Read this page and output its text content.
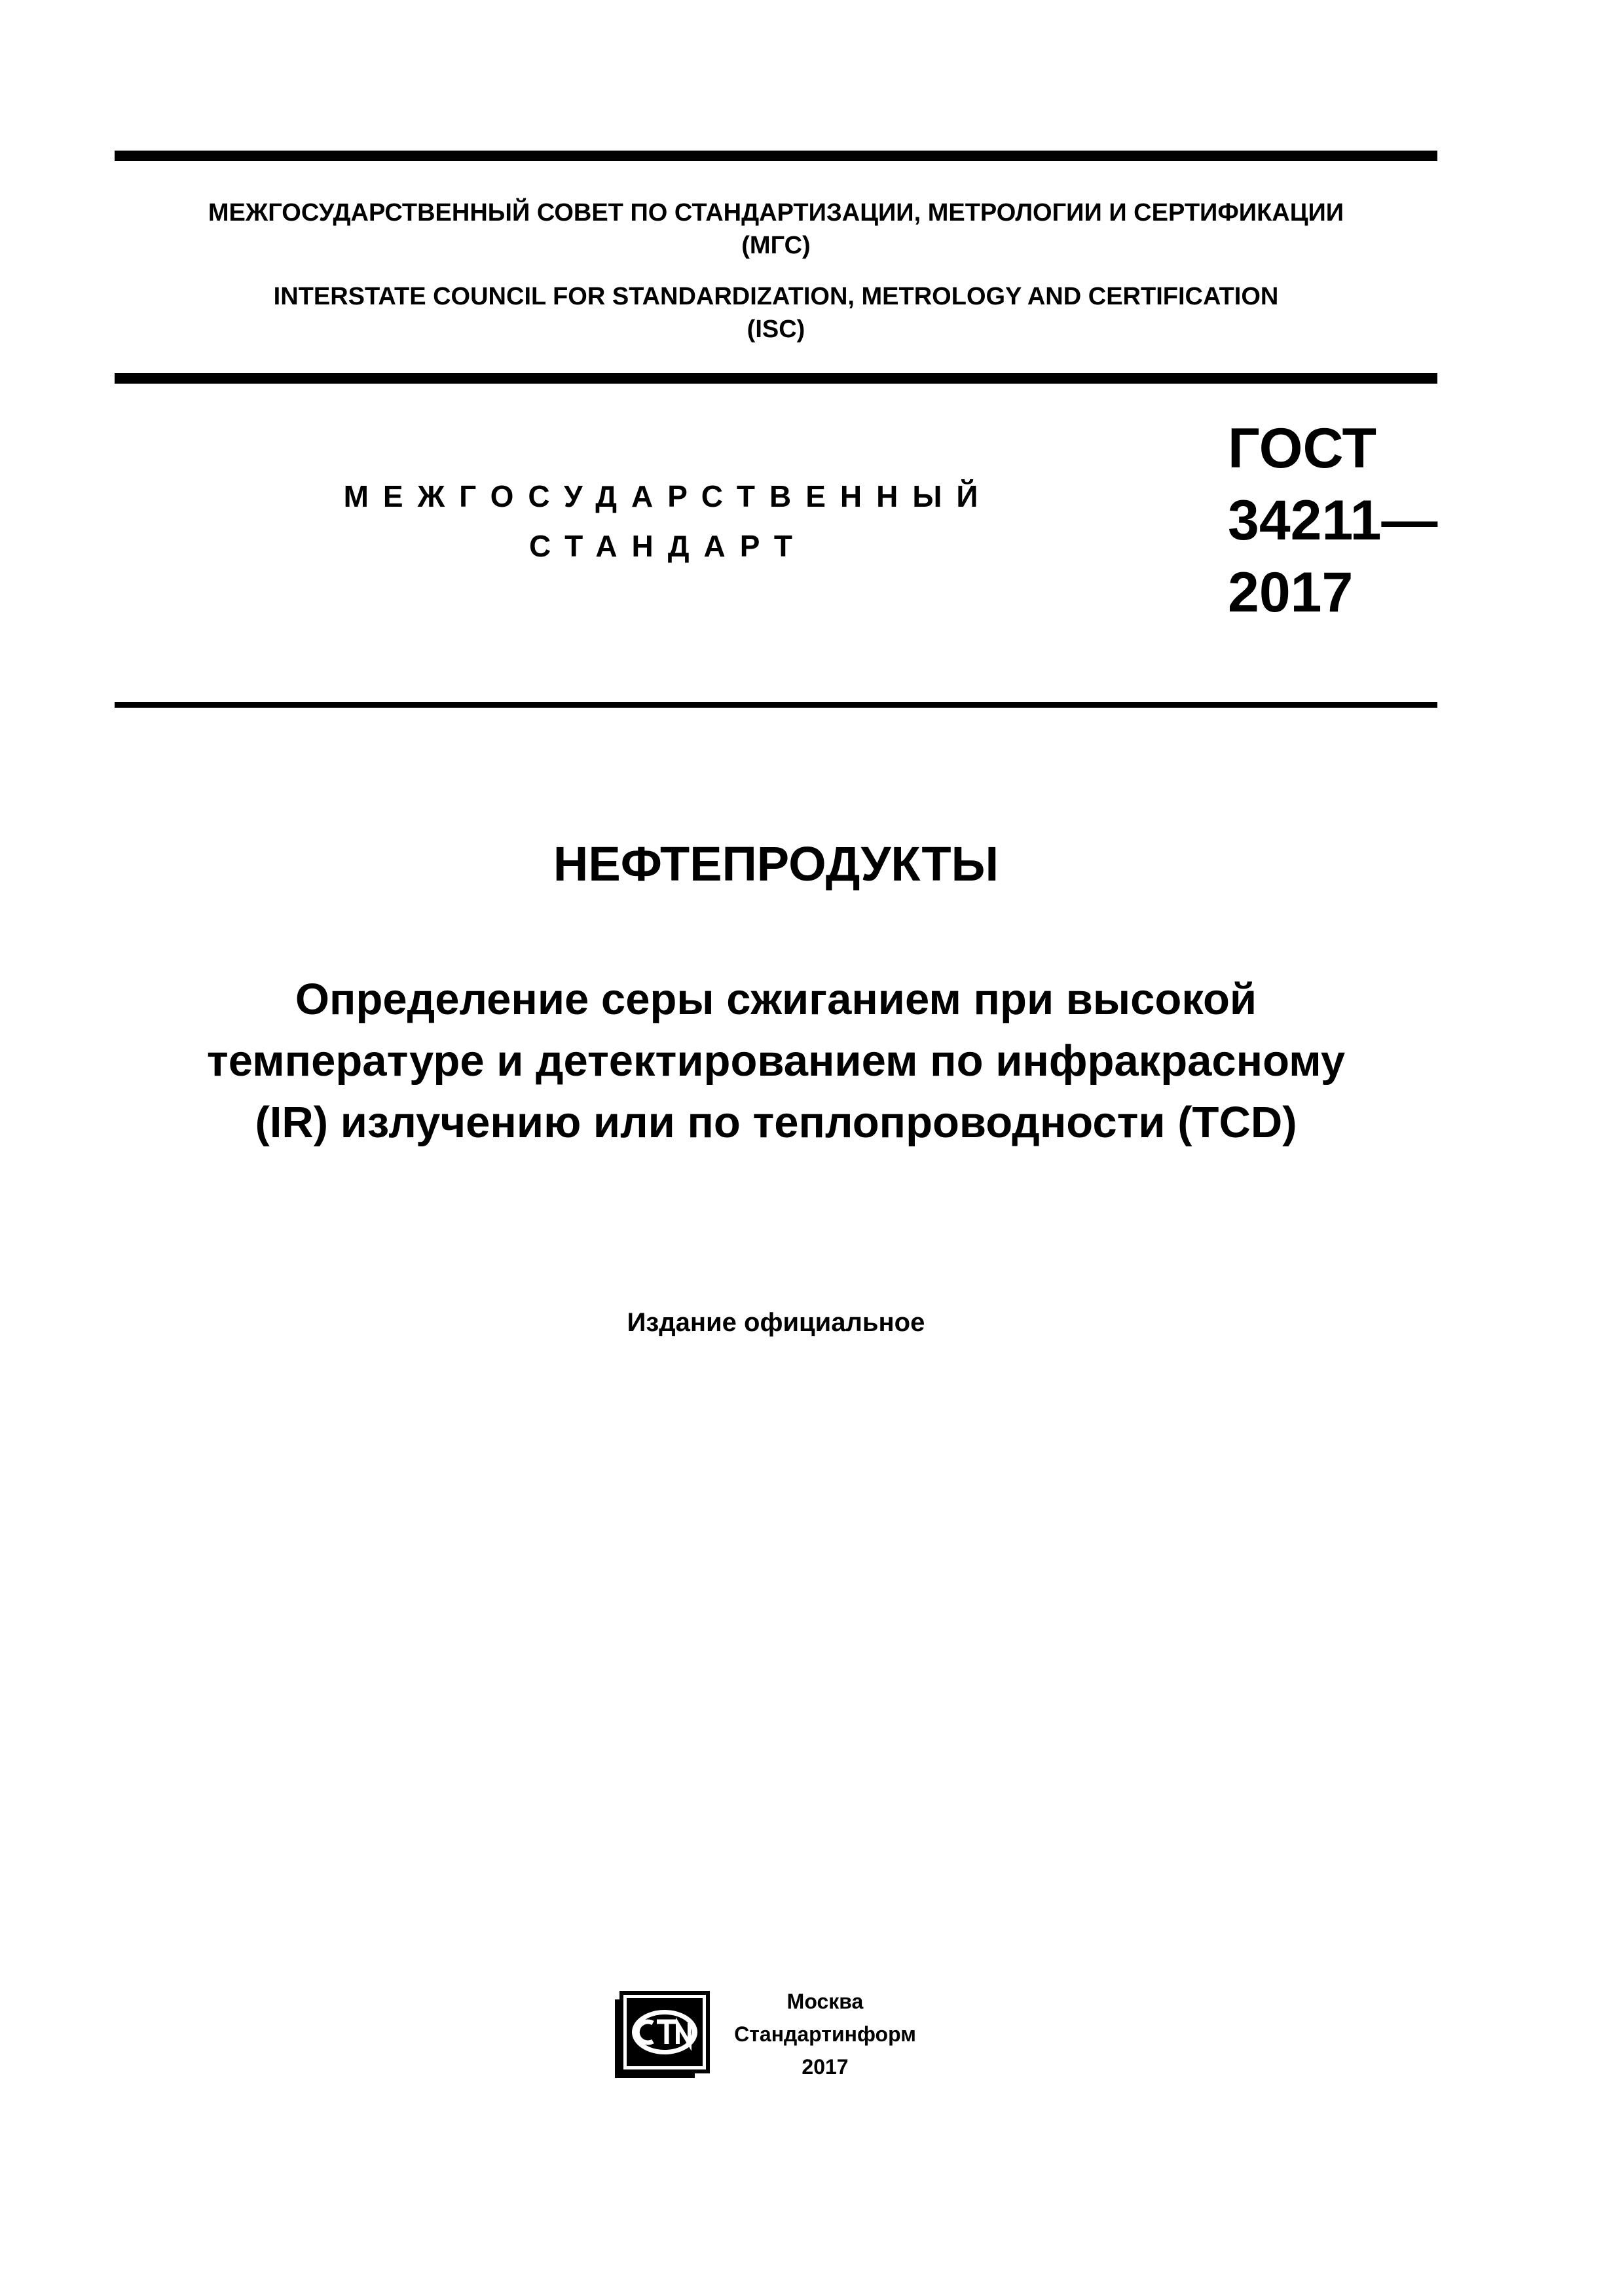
МЕЖГОСУДАРСТВЕННЫЙ СОВЕТ ПО СТАНДАРТИЗАЦИИ, МЕТРОЛОГИИ И СЕРТИФИКАЦИИ
(МГС)
INTERSTATE COUNCIL FOR STANDARDIZATION, METROLOGY AND CERTIFICATION
(ISC)
МЕЖГОСУДАРСТВЕННЫЙ
СТАНДАРТ
ГОСТ
34211—
2017
НЕФТЕПРОДУКТЫ
Определение серы сжиганием при высокой
температуре и детектированием по инфракрасному
(IR) излучению или по теплопроводности (TCD)
Издание официальное
Москва
Стандартинформ
2017
